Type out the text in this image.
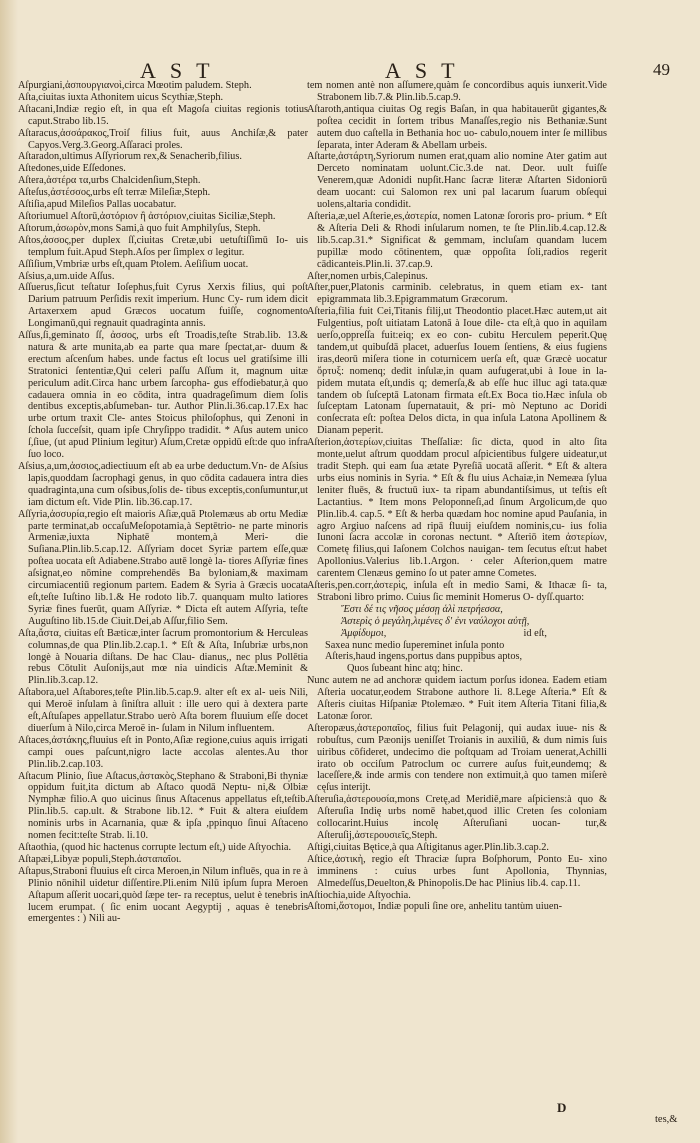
AST	AST	49
Aſpurgiani,ἀσπουργιανοὶ,circa Mœotim paludem. Steph.
Aſta,ciuitas iuxta Athonitem uicus Scythiæ,Steph.
Aſtacani,Indiæ regio eſt, in qua eſt Magoſa ciuitas regionis totius caput.Strabo lib.15.
Aſtaracus,ἀσσάρακος,Troiſ filius fuit, auus Anchiſæ,& pater Capyos.Verg.3.Georg.Aſſaraci proles.
Aſtaradon,ultimus Aſſyriorum rex,& Senacherib,filius.
Aſtedones,uide Eſſedones.
Aſtera,ἀστέρα τα,urbs Chalcidenſium,Steph.
Aſteſus,ἀστέσσος,urbs eſt terræ Mileſiæ,Steph.
Aſtiſia,apud Mileſios Pallas uocabatur.
Aſtoriumuel Aſtorū,ἀστόριον ἢ ἀστόριον,ciuitas Siciliæ,Steph.
Aſtorum,ἀσωρὸν,mons Sami,à quo fuit Amphilyſus, Steph.
Aſtos,ἀσσος,per duplex ſſ,ciuitas Cretæ,ubi uetuſtiſſimū Io- uis templum fuit.Apud Steph.Aſos per ſimplex σ legitur.
Aſſiſium,Vmbriæ urbs eſt,quam Ptolem. Aeſiſium uocat.
Aſsius,a,um.uide Aſſus.
Aſſuerus,ſicut teſtatur Ioſephus,fuit Cyrus Xerxis filius, qui poſt Darium patruum Perſidis rexit imperium. Hunc Cy- rum idem dicit Artaxerxem apud Græcos uocatum fuiſſe, cognomento Longimanū,qui regnauit quadraginta annis.
Aſſus,ſi,geminato ſſ, ἀσσος, urbs eſt Troadis,teſte Strab.lib. 13.& natura & arte munita,ab ea parte qua mare ſpectat,ar- duum & erectum aſcenſum habes. unde factus eſt locus uel gratiſsime illi Stratonici ſententiæ,Qui celeri paſſu Aſſum it, magnum uitæ periculum adit.Circa hanc urbem ſarcopha- gus effodiebatur,à quo cadauera omnia in eo cōdita, intra quadrageſimum diem ſolis dentibus exceptis,abſumeban- tur. Author Plin.li.36.cap.17.Ex hac urbe ortum traxit Cle- antes Stoicus philoſophus, qui Zenoni in ſchola ſucceſsit, quam ipſe Chryſippo tradidit. * Aſus autem unico ſ,ſiue, (ut apud Plinium legitur) Aſum,Cretæ oppidū eſt:de quo infra ſuo loco.
Aſsius,a,um,ἀσσιος,adiectiuum eſt ab ea urbe deductum.Vn- de Aſsius lapis,quoddam ſacrophagi genus, in quo cōdita cadauera intra dies quadraginta,una cum oſsibus,ſolis de- tibus exceptis,conſumuntur,ut iam dictum eſt. Vide Plin. lib.36.cap.17.
Aſſyria,ἀσσυρία,regio eſt maioris Aſiæ,quā Ptolemæus ab ortu Mediæ parte terminat,ab occaſuMeſopotamia,à Septētrio- ne parte minoris Armeniæ,iuxta Niphatē montem,à Meri- die Suſiana.Plin.lib.5.cap.12. Aſſyriam docet Syriæ partem eſſe,quæ poſtea uocata eſt Adiabene.Strabo autē longè la- tiores Aſſyriæ fines aſsignat,eo nōmine comprehendēs Ba byloniam,& maximam circumiacentiū regionum partem. Eadem & Syria à Græcis uocata eſt,teſte Iuſtino lib.1.& He rodoto lib.7. quanquam multo latiores Syriæ fines fuerūt, quam Aſſyriæ. * Dicta eſt autem Aſſyria, teſte Auguſtino lib.15.de Ciuit.Dei,ab Aſſur,filio Sem.
Aſta,ἄστα, ciuitas eſt Bæticæ,inter ſacrum promontorium & Herculeas columnas,de qua Plin.lib.2.cap.1. * Eſt & Aſta, Inſubriæ urbs,non longè à Nouaria diſtans. De hac Clau- dianus,, nec plus Pollētia rebus Cōtulit Auſonijs,aut mœ nia uindicis Aſtæ.Meminit & Plin.lib.3.cap.12.
Aſtabora,uel Aſtabores,teſte Plin.lib.5.cap.9. alter eſt ex al- ueis Nili, qui Meroë inſulam à ſiniſtra alluit : ille uero qui à dextera parte eſt,Aſtuſapes appellatur.Strabo uerò Aſta borem fluuium eſſe docet diuerſum à Nilo,circa Meroë in- ſulam in Nilum influentem.
Aſtaces,ἀστάκης,fluuius eſt in Ponto,Aſiæ regione,cuius aquis irrigati campi oues paſcunt,nigro lacte accolas alentes.Au thor Plin.lib.2.cap.103.
Aſtacum Plinio, ſiue Aſtacus,ἀστακὸς,Stephano & Straboni,Bi thyniæ oppidum fuit,ita dictum ab Aſtaco quodā Neptu- ni,& Olbiæ Nymphæ filio.A quo uicinus ſinus Aſtacenus appellatus eſt,teſtib. Plin.lib.5. cap.ult. & Strabone lib.12. * Fuit & altera eiuſdem nominis urbs in Acarnania, quæ & ipſa ,ppinquo ſinui Aſtaceno nomen fecit:teſte Strab. li.10.
Aſtaothia, (quod hic hactenus corrupte lectum eſt,) uide Aſtyochia.
Aſtapæi,Libyæ populi,Steph.ἀσταπαῖοι.
Aſtapus,Straboni fluuius eſt circa Meroen,in Nilum influēs, qua in re à Plinio nōnihil uidetur diſſentire.Pli.enim Nilū ipſum ſupra Meroen Aſtapum aſſerit uocari,quòd ſæpe ter- ra receptus, uelut è tenebris in lucem erumpat. ( ſic enim uocant Aegyptij , aquas è tenebris emergentes : ) Nili au-
tem nomen antè non aſſumere,quàm ſe concordibus aquis iunxerit.Vide Strabonem lib.7.& Plin.lib.5.cap.9.
Aſtaroth,antiqua ciuitas Og regis Baſan, in qua habitauerūt gigantes,& poſtea cecidit in ſortem tribus Manaſſes,regio nis Bethaniæ.Sunt autem duo caſtella in Bethania hoc uo- cabulo,nouem inter ſe millibus ſeparata, inter Aderam & Abellam urbeis.
Aſtarte,ἀστάρτη,Syriorum numen erat,quam alio nomine Ater gatim aut Derceto nominatam uolunt.Cic.3.de nat. Deor. uult fuiſſe Venerem,quæ Adonidi nupſit.Hanc ſacræ literæ Aſtarten Sidoniorū deam uocant: cui Salomon rex uni pal lacarum ſuarum obſequi uolens,altaria condidit.
Aſteria,æ,uel Aſterie,es,ἀστερία, nomen Latonæ ſororis pro- prium. * Eſt & Aſteria Deli & Rhodi inſularum nomen, te ſte Plin.lib.4.cap.12.& lib.5.cap.31.* Significat & gemmam, incluſam quandam lucem pupillæ modo cōtinentem, quæ oppoſita ſoli,radios regerit cādicanteis.Plin.li. 37.cap.9.
Aſter,nomen urbis,Calepinus.
Aſter,puer,Platonis carminib. celebratus, in quem etiam ex- tant epigrammata lib.3.Epigrammatum Græcorum.
Aſteria,filia fuit Cei,Titanis filij,ut Theodontio placet.Hæc autem,ut ait Fulgentius, poſt uitiatam Latonā à Ioue dile- cta eſt,à quo in aquilam uerſo,oppreſſa fuit:eiq; ex eo con- cubitu Herculem peperit.Quę tandem,ut quibuſdā placet, aduerſus Iouem ſentiens, & eius fugiens iras,deorū miſera tione in coturnicem uerſa eſt, quæ Græcè uocatur ὄρτυξ: nomenq; dedit inſulæ,in quam aufugerat,ubi à Ioue in la- pidem mutata eſt,undis q; demerſa,& ab eſſe huc illuc agi tata.quæ tandem ob ſuſceptā Latonam firmata eſt.Ex Boca tio.Hæc inſula ob ſuſceptam Latonam ſupernatauit, & pri- mò Neptuno ac Doridi conſecrata eſt: poſtea Delos dicta, in qua inſula Latona Apollinem & Dianam peperit.
Aſterion,ἀστερίων,ciuitas Theſſaliæ: ſic dicta, quod in alto ſita monte,uelut aſtrum quoddam procul aſpicientibus fulgere uideatur,ut tradit Steph. qui eam ſua ætate Pyreſiā uocatā aſſerit. * Eſt & altera urbs eius nominis in Syria. * Eſt & flu uius Achaiæ,in Nemeæa ſylua leniter fluēs, & fructuū iux- ta ripam abundantiſsimus, ut teſtis eſt Lactantius. * Item mons Peloponneſi,ad ſinum Argolicum,de quo Plin.lib.4. cap.5. * Eſt & herba quædam hoc nomine apud Pauſania, in agro Argiuo naſcens ad ripā fluuij eiuſdem nominis,cu- ius folia Iunoni ſacra accolæ in coronas nectunt. * Aſteriō item ἀστερίων, Cometę filius,qui Iaſonem Colchos nauigan- tem ſecutus eſt:ut habet Apollonius.Valerius lib.1.Argon. · celer Aſterion,quem matre carentem Clenæus gemino ſo ut pater amne Cometes.
Aſteris,pen.corr,ἀστερὶς, inſula eſt in medio Sami, & Ithacæ ſi- ta, Straboni libro primo. Cuius ſic meminit Homerus O- dyſſ.quarto:
Ἔστι δέ τις νῆσος μέσσῃ ἁλὶ πετρήεσσα,
Ἀστερὶς ὁ μεγάλη,λιμένες δ' ἐνι ναύλοχοι αὐτῇ,
Ἀμφίδυμοι,	id eſt,
Saxea nunc medio ſupereminet inſula ponto
Aſteris,haud ingens,portus dans puppibus aptos,
Quos ſubeant hinc atq; hinc.
Nunc autem ne ad anchoræ quidem iactum porſus idonea. Eadem etiam Aſteria uocatur,eodem Strabone authore li. 8.Lege Aſteria.* Eſt & Aſteris ciuitas Hiſpaniæ Ptolemæo. * Fuit item Aſteria Titani filia,& Latonæ ſoror.
Aſteropæus,ἀστεροπαῖος, filius fuit Pelagonij, qui audax iuue- nis & robuſtus, cum Pæonijs ueniſſet Troianis in auxiliū, & dum nimis ſuis uiribus cōfideret, undecimo die poſtquam ad Troiam uenerat,Achilli irato ob occiſum Patroclum oc currere auſus fuit,eundemq; & laceſſere,& inde armis con tendere non extimuit,à quo tamen miſerè cęſus interijt.
Aſteruſia,ἀστερουσία,mons Cretę,ad Meridiē,mare aſpiciens:à quo & Aſteruſia Indię urbs nomē habet,quod illic Creten ſes coloniam collocarint.Huius incolę Aſteruſiani uocan- tur,& Aſteruſij,ἀστερουσιεῖς,Steph.
Aſtigi,ciuitas Bętice,à qua Aſtigitanus ager.Plin.lib.3.cap.2.
Aſtice,ἀστικὴ, regio eſt Thraciæ ſupra Boſphorum, Ponto Eu- xino imminens : cuius urbes ſunt Apollonia, Thynnias, Almedeſſus,Deuelton,& Phinopolis.De hac Plinius lib.4. cap.11.
Aſtiochia,uide Aſtyochia.
Aſtomi,ἄστομοι, Indiæ populi ſine ore, anhelitu tantùm uiuen-
D
tes,&
